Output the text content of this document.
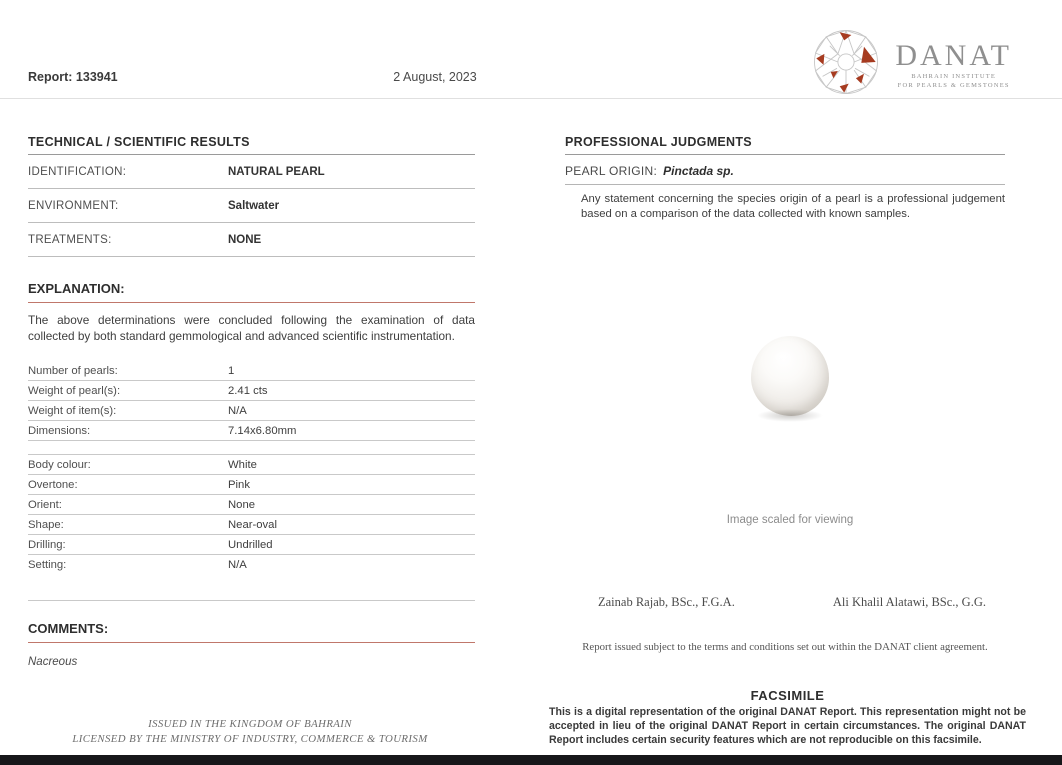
Report: 133941	2 August, 2023
DANAT
BAHRAIN INSTITUTE
FOR PEARLS & GEMSTONES
TECHNICAL / SCIENTIFIC RESULTS
IDENTIFICATION:	NATURAL PEARL
ENVIRONMENT:	Saltwater
TREATMENTS:	NONE
EXPLANATION:
The above determinations were concluded following the examination of data collected by both standard gemmological and advanced scientific instrumentation.
Number of pearls:	1
Weight of pearl(s):	2.41 cts
Weight of item(s):	N/A
Dimensions:	7.14x6.80mm
Body colour:	White
Overtone:	Pink
Orient:	None
Shape:	Near-oval
Drilling:	Undrilled
Setting:	N/A
COMMENTS:
Nacreous
PROFESSIONAL JUDGMENTS
PEARL ORIGIN: Pinctada sp.
Any statement concerning the species origin of a pearl is a professional judgement based on a comparison of the data collected with known samples.
Image scaled for viewing
Zainab Rajab, BSc., F.G.A.	Ali Khalil Alatawi, BSc., G.G.
Report issued subject to the terms and conditions set out within the DANAT client agreement.
FACSIMILE
This is a digital representation of the original DANAT Report. This representation might not be accepted in lieu of the original DANAT Report in certain circumstances. The original DANAT Report includes certain security features which are not reproducible on this facsimile.
ISSUED IN THE KINGDOM OF BAHRAIN
LICENSED BY THE MINISTRY OF INDUSTRY, COMMERCE & TOURISM
